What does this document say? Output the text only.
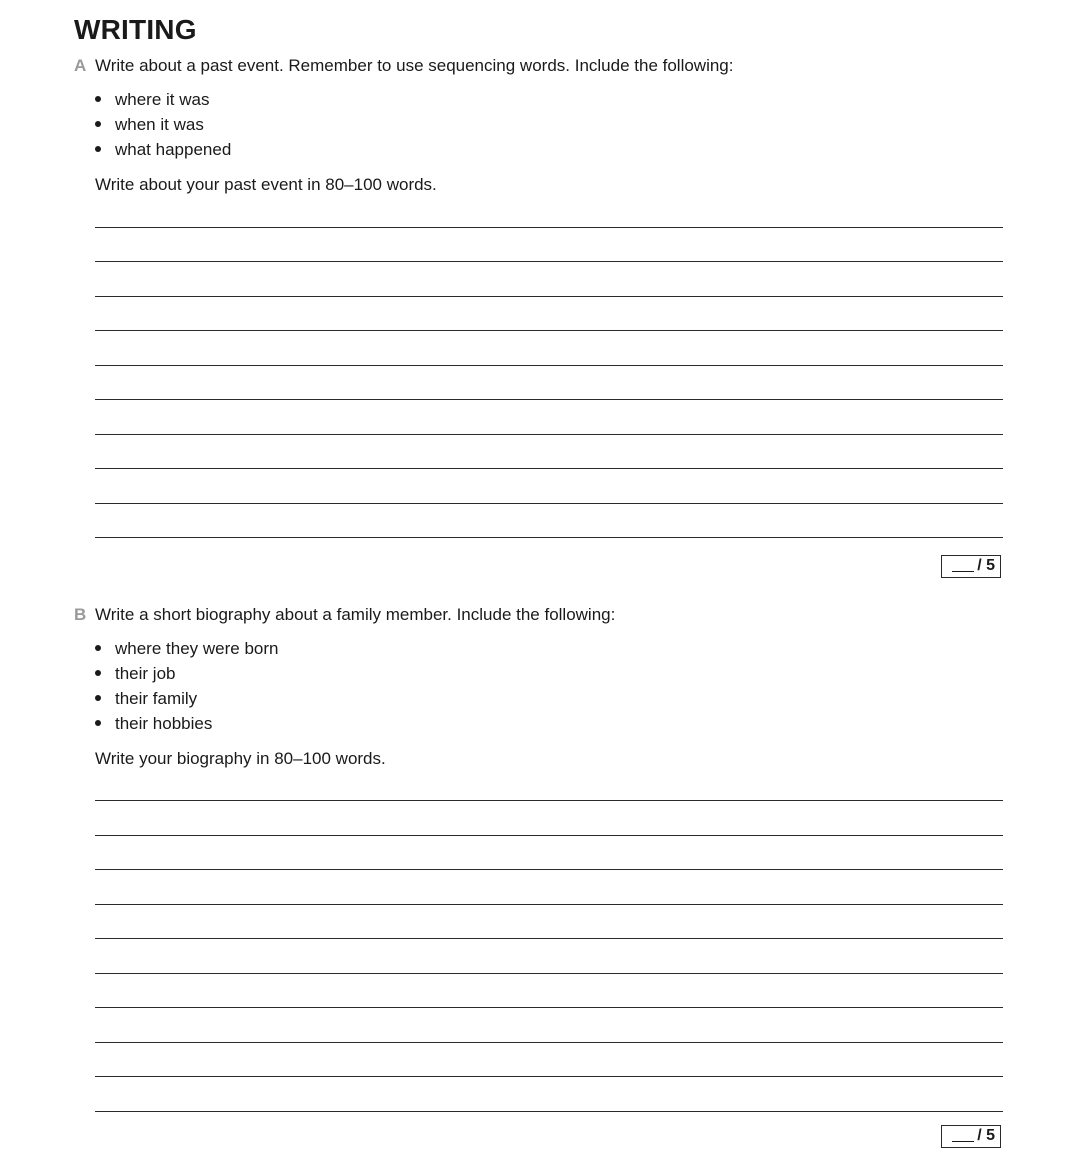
WRITING
A Write about a past event. Remember to use sequencing words. Include the following:
where it was
when it was
what happened
Write about your past event in 80–100 words.
/ 5
B Write a short biography about a family member. Include the following:
where they were born
their job
their family
their hobbies
Write your biography in 80–100 words.
/ 5
